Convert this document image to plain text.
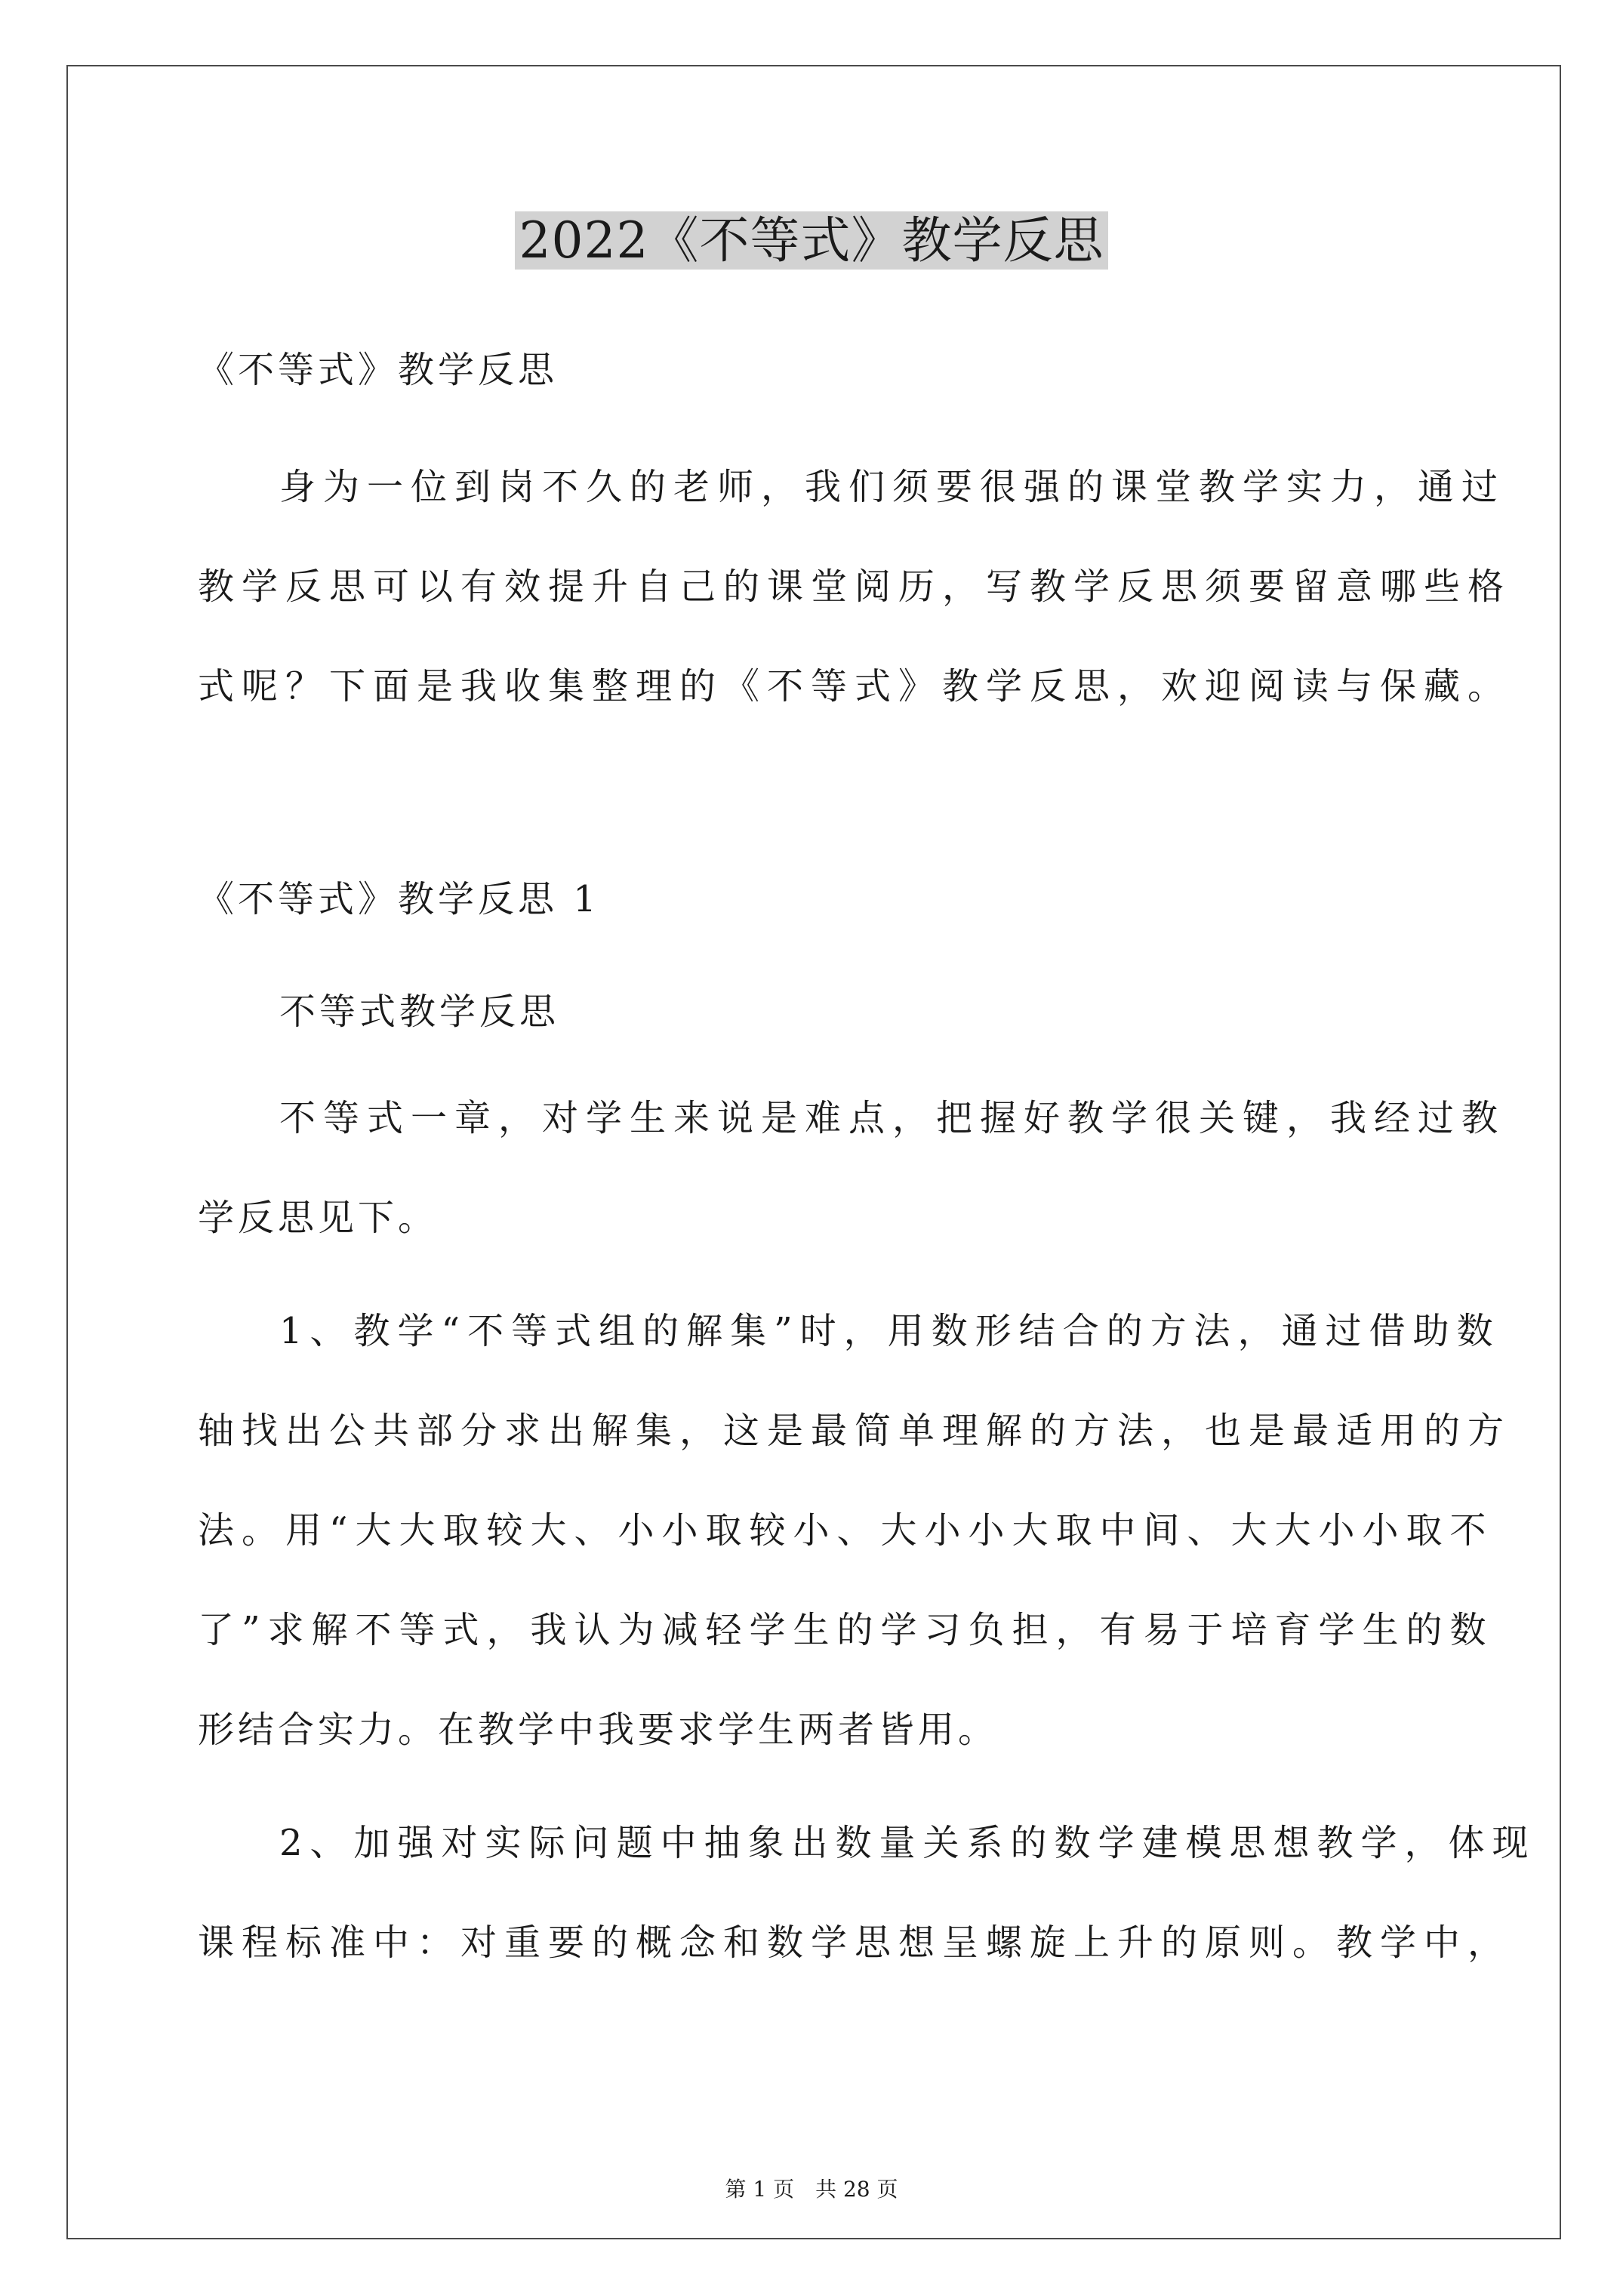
2022《不等式》教学反思
《不等式》教学反思
身为一位到岗不久的老师，我们须要很强的课堂教学实力，通过
教学反思可以有效提升自己的课堂阅历，写教学反思须要留意哪些格
式呢？下面是我收集整理的《不等式》教学反思，欢迎阅读与保藏。
《不等式》教学反思 1
不等式教学反思
不等式一章，对学生来说是难点，把握好教学很关键，我经过教
学反思见下。
1、教学“不等式组的解集”时，用数形结合的方法，通过借助数
轴找出公共部分求出解集，这是最简单理解的方法，也是最适用的方
法。用“大大取较大、小小取较小、大小小大取中间、大大小小取不
了”求解不等式，我认为减轻学生的学习负担，有易于培育学生的数
形结合实力。在教学中我要求学生两者皆用。
2、加强对实际问题中抽象出数量关系的数学建模思想教学，体现
课程标准中：对重要的概念和数学思想呈螺旋上升的原则。教学中，
第 1 页　共 28 页
